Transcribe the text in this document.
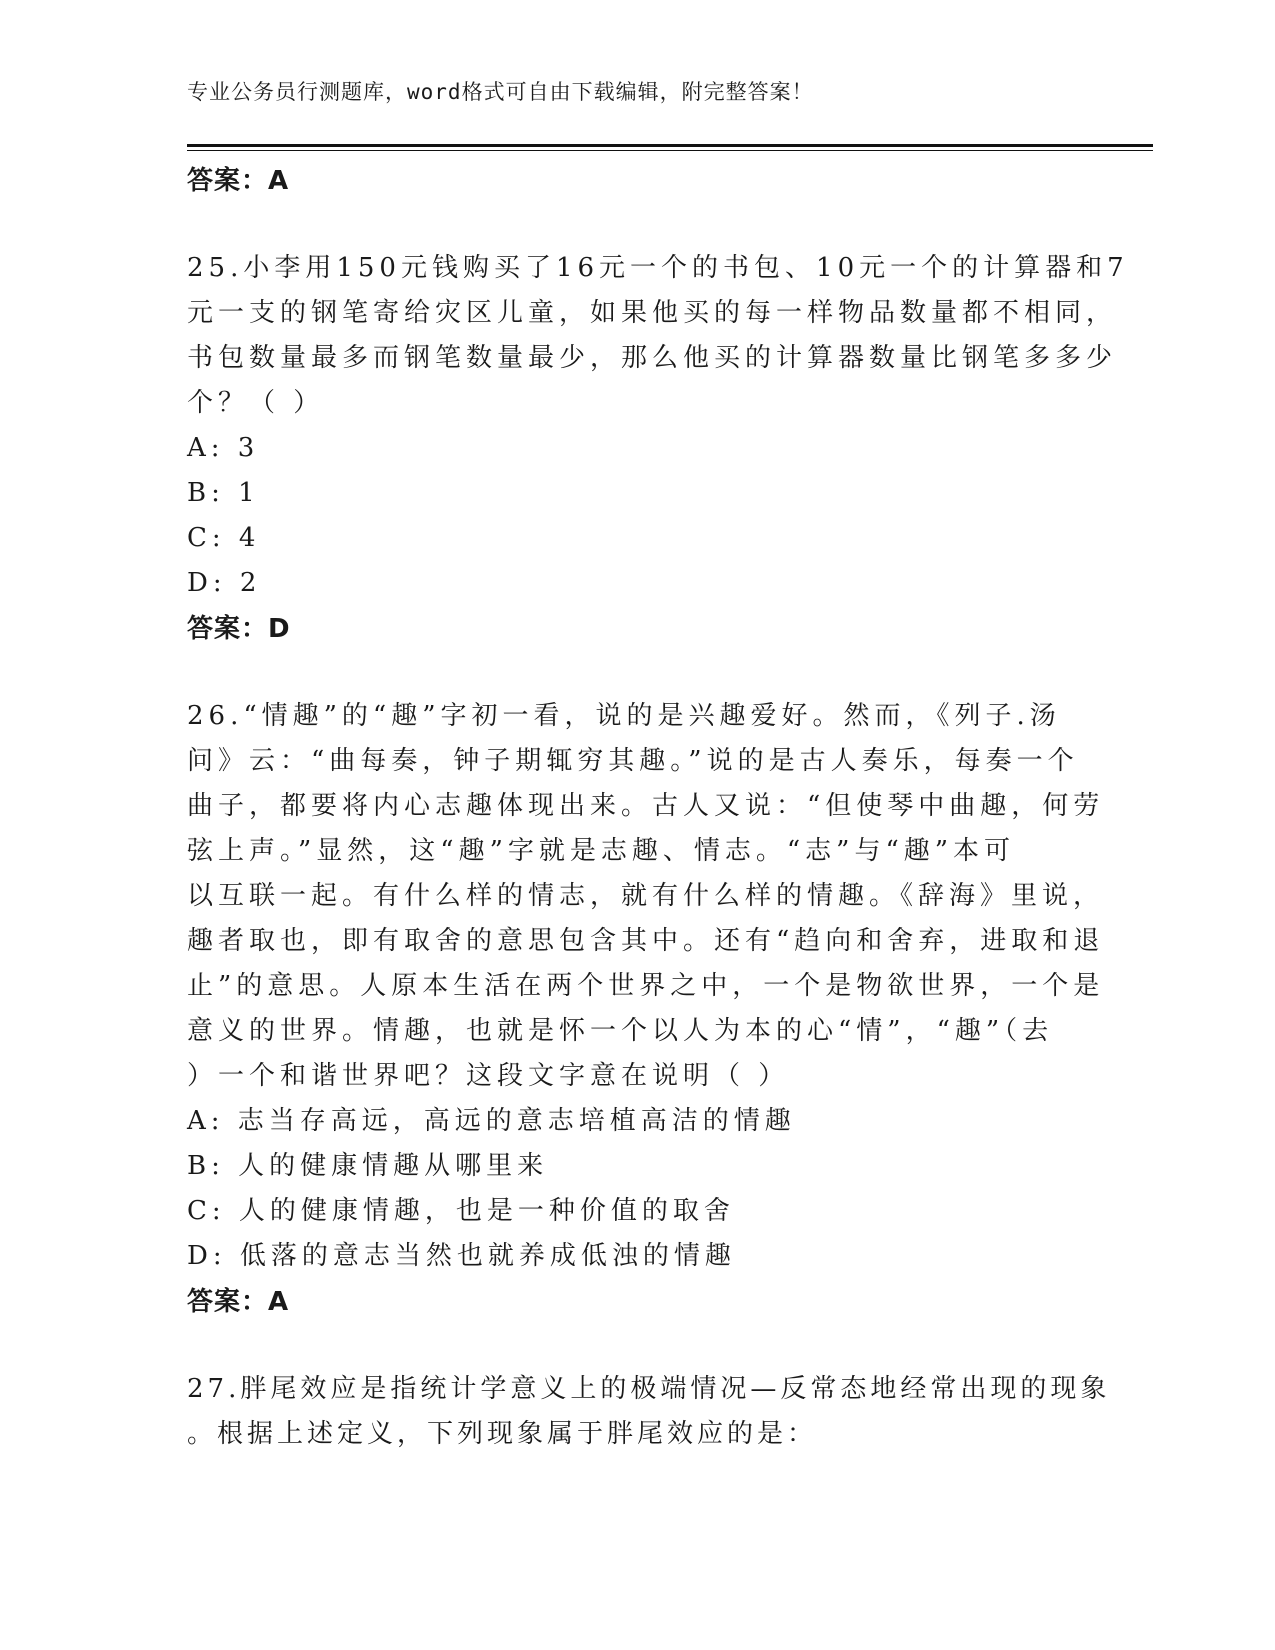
专业公务员行测题库，word格式可自由下载编辑，附完整答案！
答案：A
25.小李用150元钱购买了16元一个的书包、10元一个的计算器和7
元一支的钢笔寄给灾区儿童，如果他买的每一样物品数量都不相同，
书包数量最多而钢笔数量最少，那么他买的计算器数量比钢笔多多少
个？（ ）
A: 3
B: 1
C: 4
D: 2
答案：D
26.“情趣”的“趣”字初一看，说的是兴趣爱好。然而，《列子.汤
问》云：“曲每奏，钟子期辄穷其趣。”说的是古人奏乐，每奏一个
曲子，都要将内心志趣体现出来。古人又说：“但使琴中曲趣，何劳
弦上声。”显然，这“趣”字就是志趣、情志。“志”与“趣”本可
以互联一起。有什么样的情志，就有什么样的情趣。《辞海》里说，
趣者取也，即有取舍的意思包含其中。还有“趋向和舍弃，进取和退
止”的意思。人原本生活在两个世界之中，一个是物欲世界，一个是
意义的世界。情趣，也就是怀一个以人为本的心“情”，“趣”（去
）一个和谐世界吧？这段文字意在说明（ ）
A: 志当存高远，高远的意志培植高洁的情趣
B: 人的健康情趣从哪里来
C: 人的健康情趣，也是一种价值的取舍
D: 低落的意志当然也就养成低浊的情趣
答案：A
27.胖尾效应是指统计学意义上的极端情况—反常态地经常出现的现象
。根据上述定义，下列现象属于胖尾效应的是：
